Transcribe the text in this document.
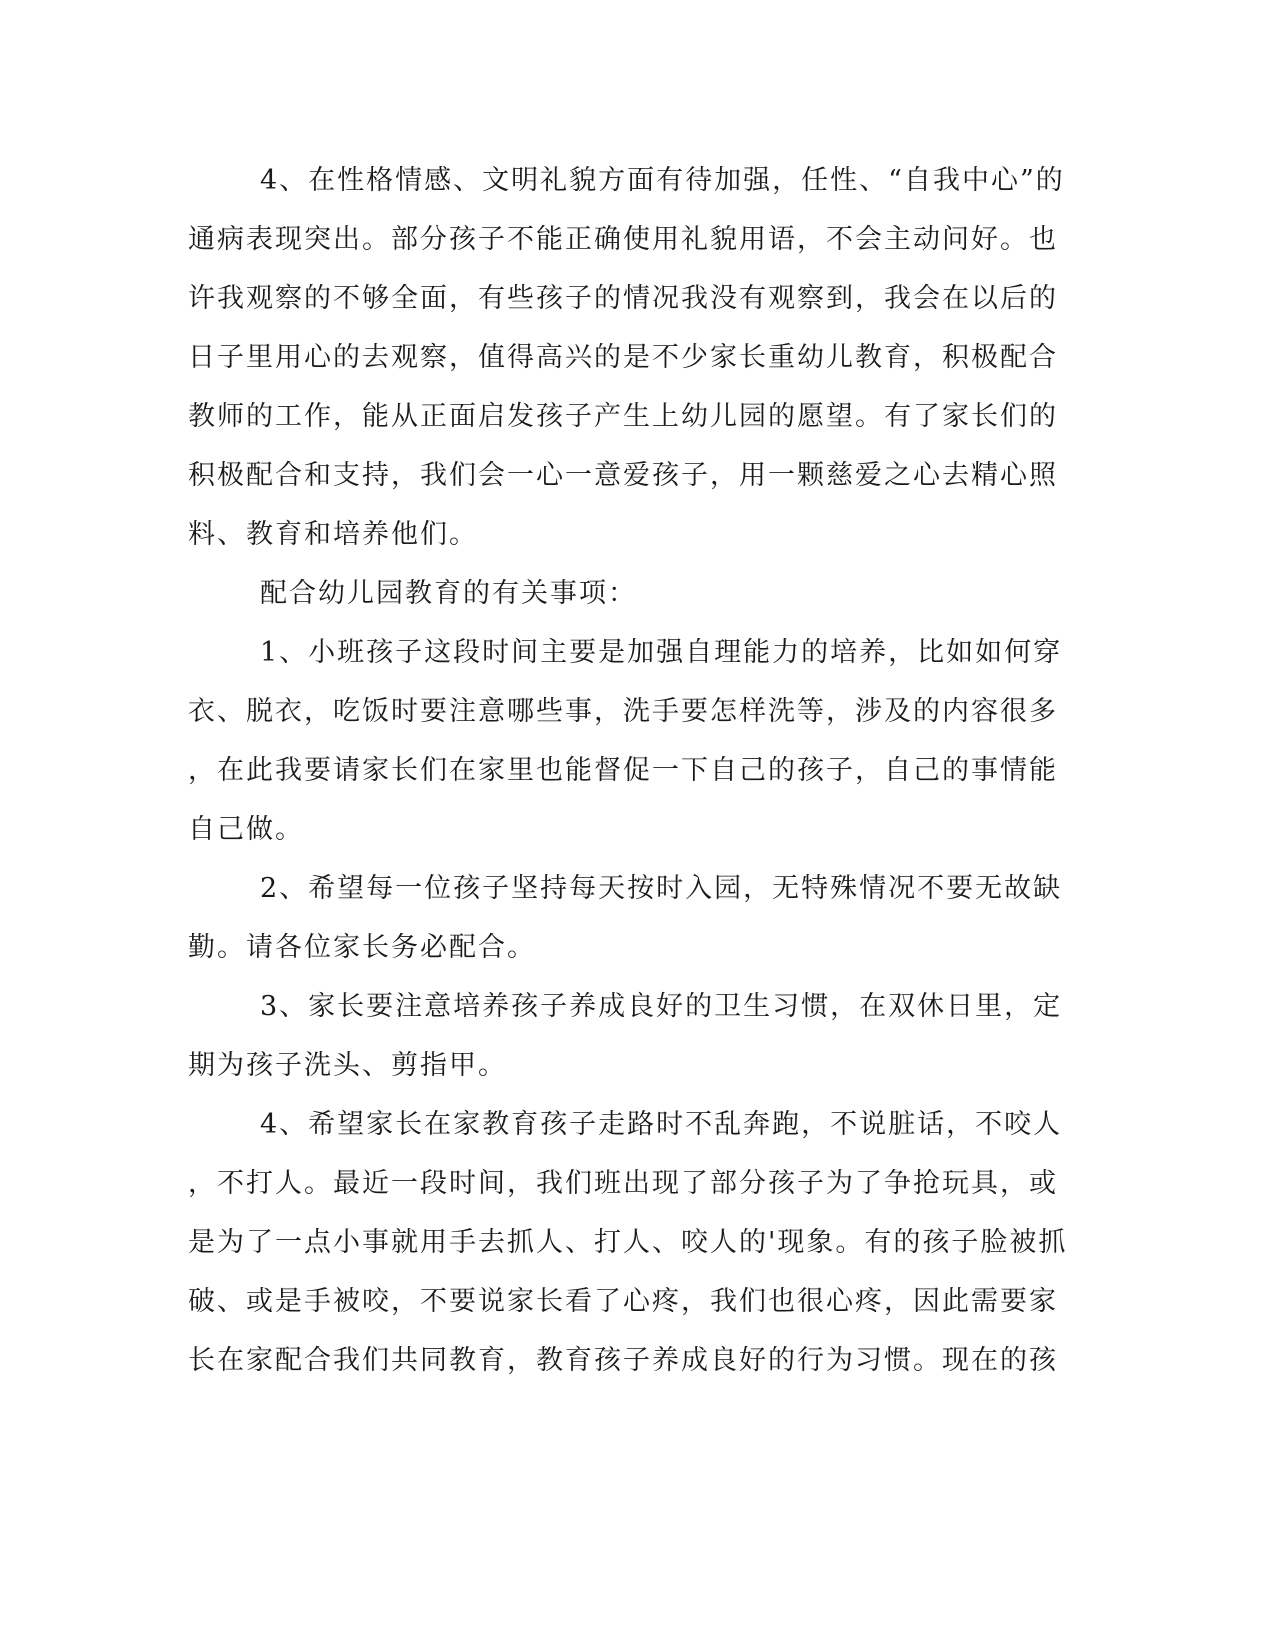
4、在性格情感、文明礼貌方面有待加强，任性、“自我中心”的
通病表现突出。部分孩子不能正确使用礼貌用语，不会主动问好。也
许我观察的不够全面，有些孩子的情况我没有观察到，我会在以后的
日子里用心的去观察，值得高兴的是不少家长重幼儿教育，积极配合
教师的工作，能从正面启发孩子产生上幼儿园的愿望。有了家长们的
积极配合和支持，我们会一心一意爱孩子，用一颗慈爱之心去精心照
料、教育和培养他们。
配合幼儿园教育的有关事项：
1、小班孩子这段时间主要是加强自理能力的培养，比如如何穿
衣、脱衣，吃饭时要注意哪些事，洗手要怎样洗等，涉及的内容很多
，在此我要请家长们在家里也能督促一下自己的孩子，自己的事情能
自己做。
2、希望每一位孩子坚持每天按时入园，无特殊情况不要无故缺
勤。请各位家长务必配合。
3、家长要注意培养孩子养成良好的卫生习惯，在双休日里，定
期为孩子洗头、剪指甲。
4、希望家长在家教育孩子走路时不乱奔跑，不说脏话，不咬人
，不打人。最近一段时间，我们班出现了部分孩子为了争抢玩具，或
是为了一点小事就用手去抓人、打人、咬人的'现象。有的孩子脸被抓
破、或是手被咬，不要说家长看了心疼，我们也很心疼，因此需要家
长在家配合我们共同教育，教育孩子养成良好的行为习惯。现在的孩
